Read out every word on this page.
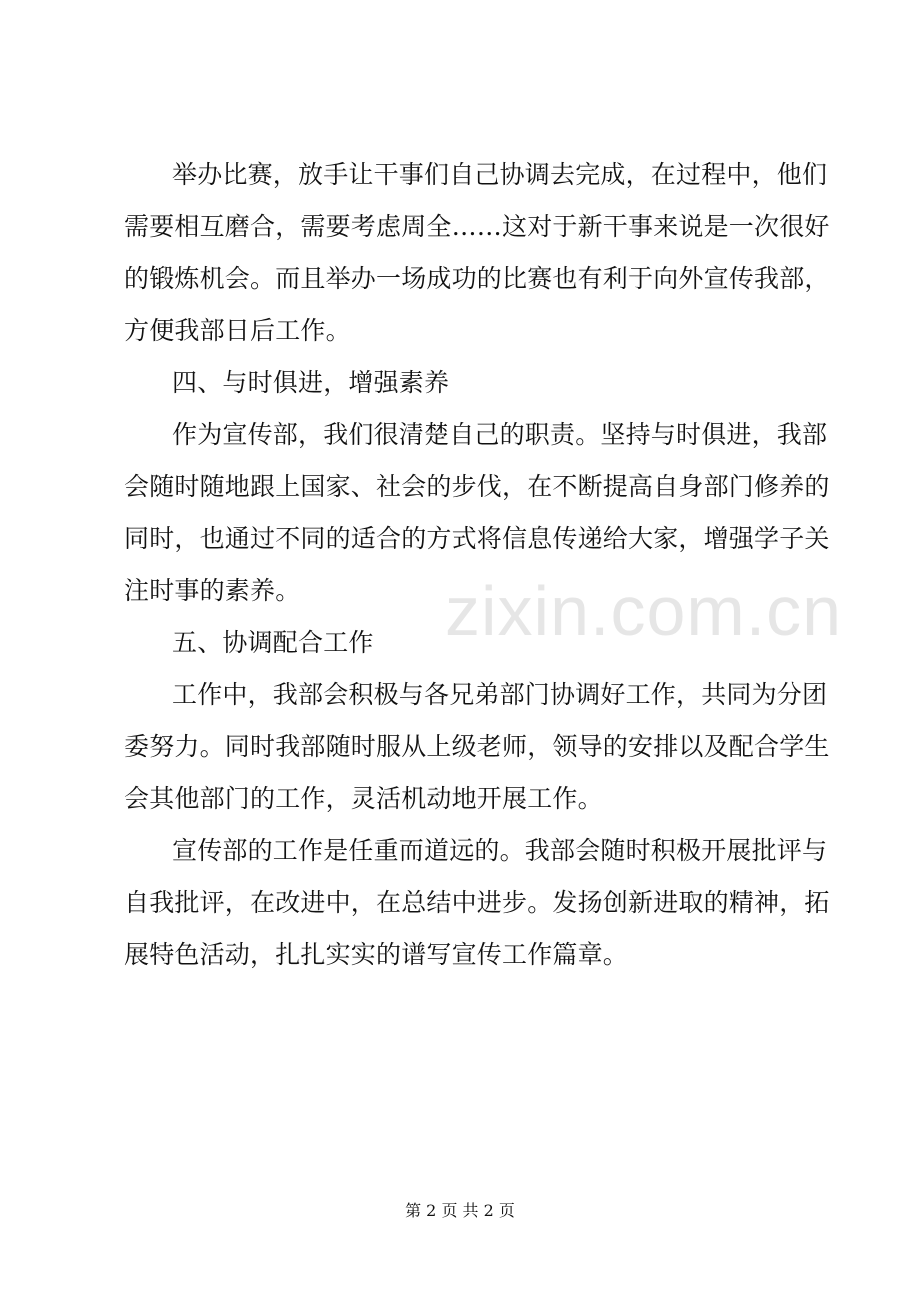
zixin.com.cn
举办比赛，放手让干事们自己协调去完成，在过程中，他们
需要相互磨合，需要考虑周全……这对于新干事来说是一次很好
的锻炼机会。而且举办一场成功的比赛也有利于向外宣传我部，
方便我部日后工作。
四、与时俱进，增强素养
作为宣传部，我们很清楚自己的职责。坚持与时俱进，我部
会随时随地跟上国家、社会的步伐，在不断提高自身部门修养的
同时，也通过不同的适合的方式将信息传递给大家，增强学子关
注时事的素养。
五、协调配合工作
工作中，我部会积极与各兄弟部门协调好工作，共同为分团
委努力。同时我部随时服从上级老师，领导的安排以及配合学生
会其他部门的工作，灵活机动地开展工作。
宣传部的工作是任重而道远的。我部会随时积极开展批评与
自我批评，在改进中，在总结中进步。发扬创新进取的精神，拓
展特色活动，扎扎实实的谱写宣传工作篇章。
第 2 页 共 2 页
